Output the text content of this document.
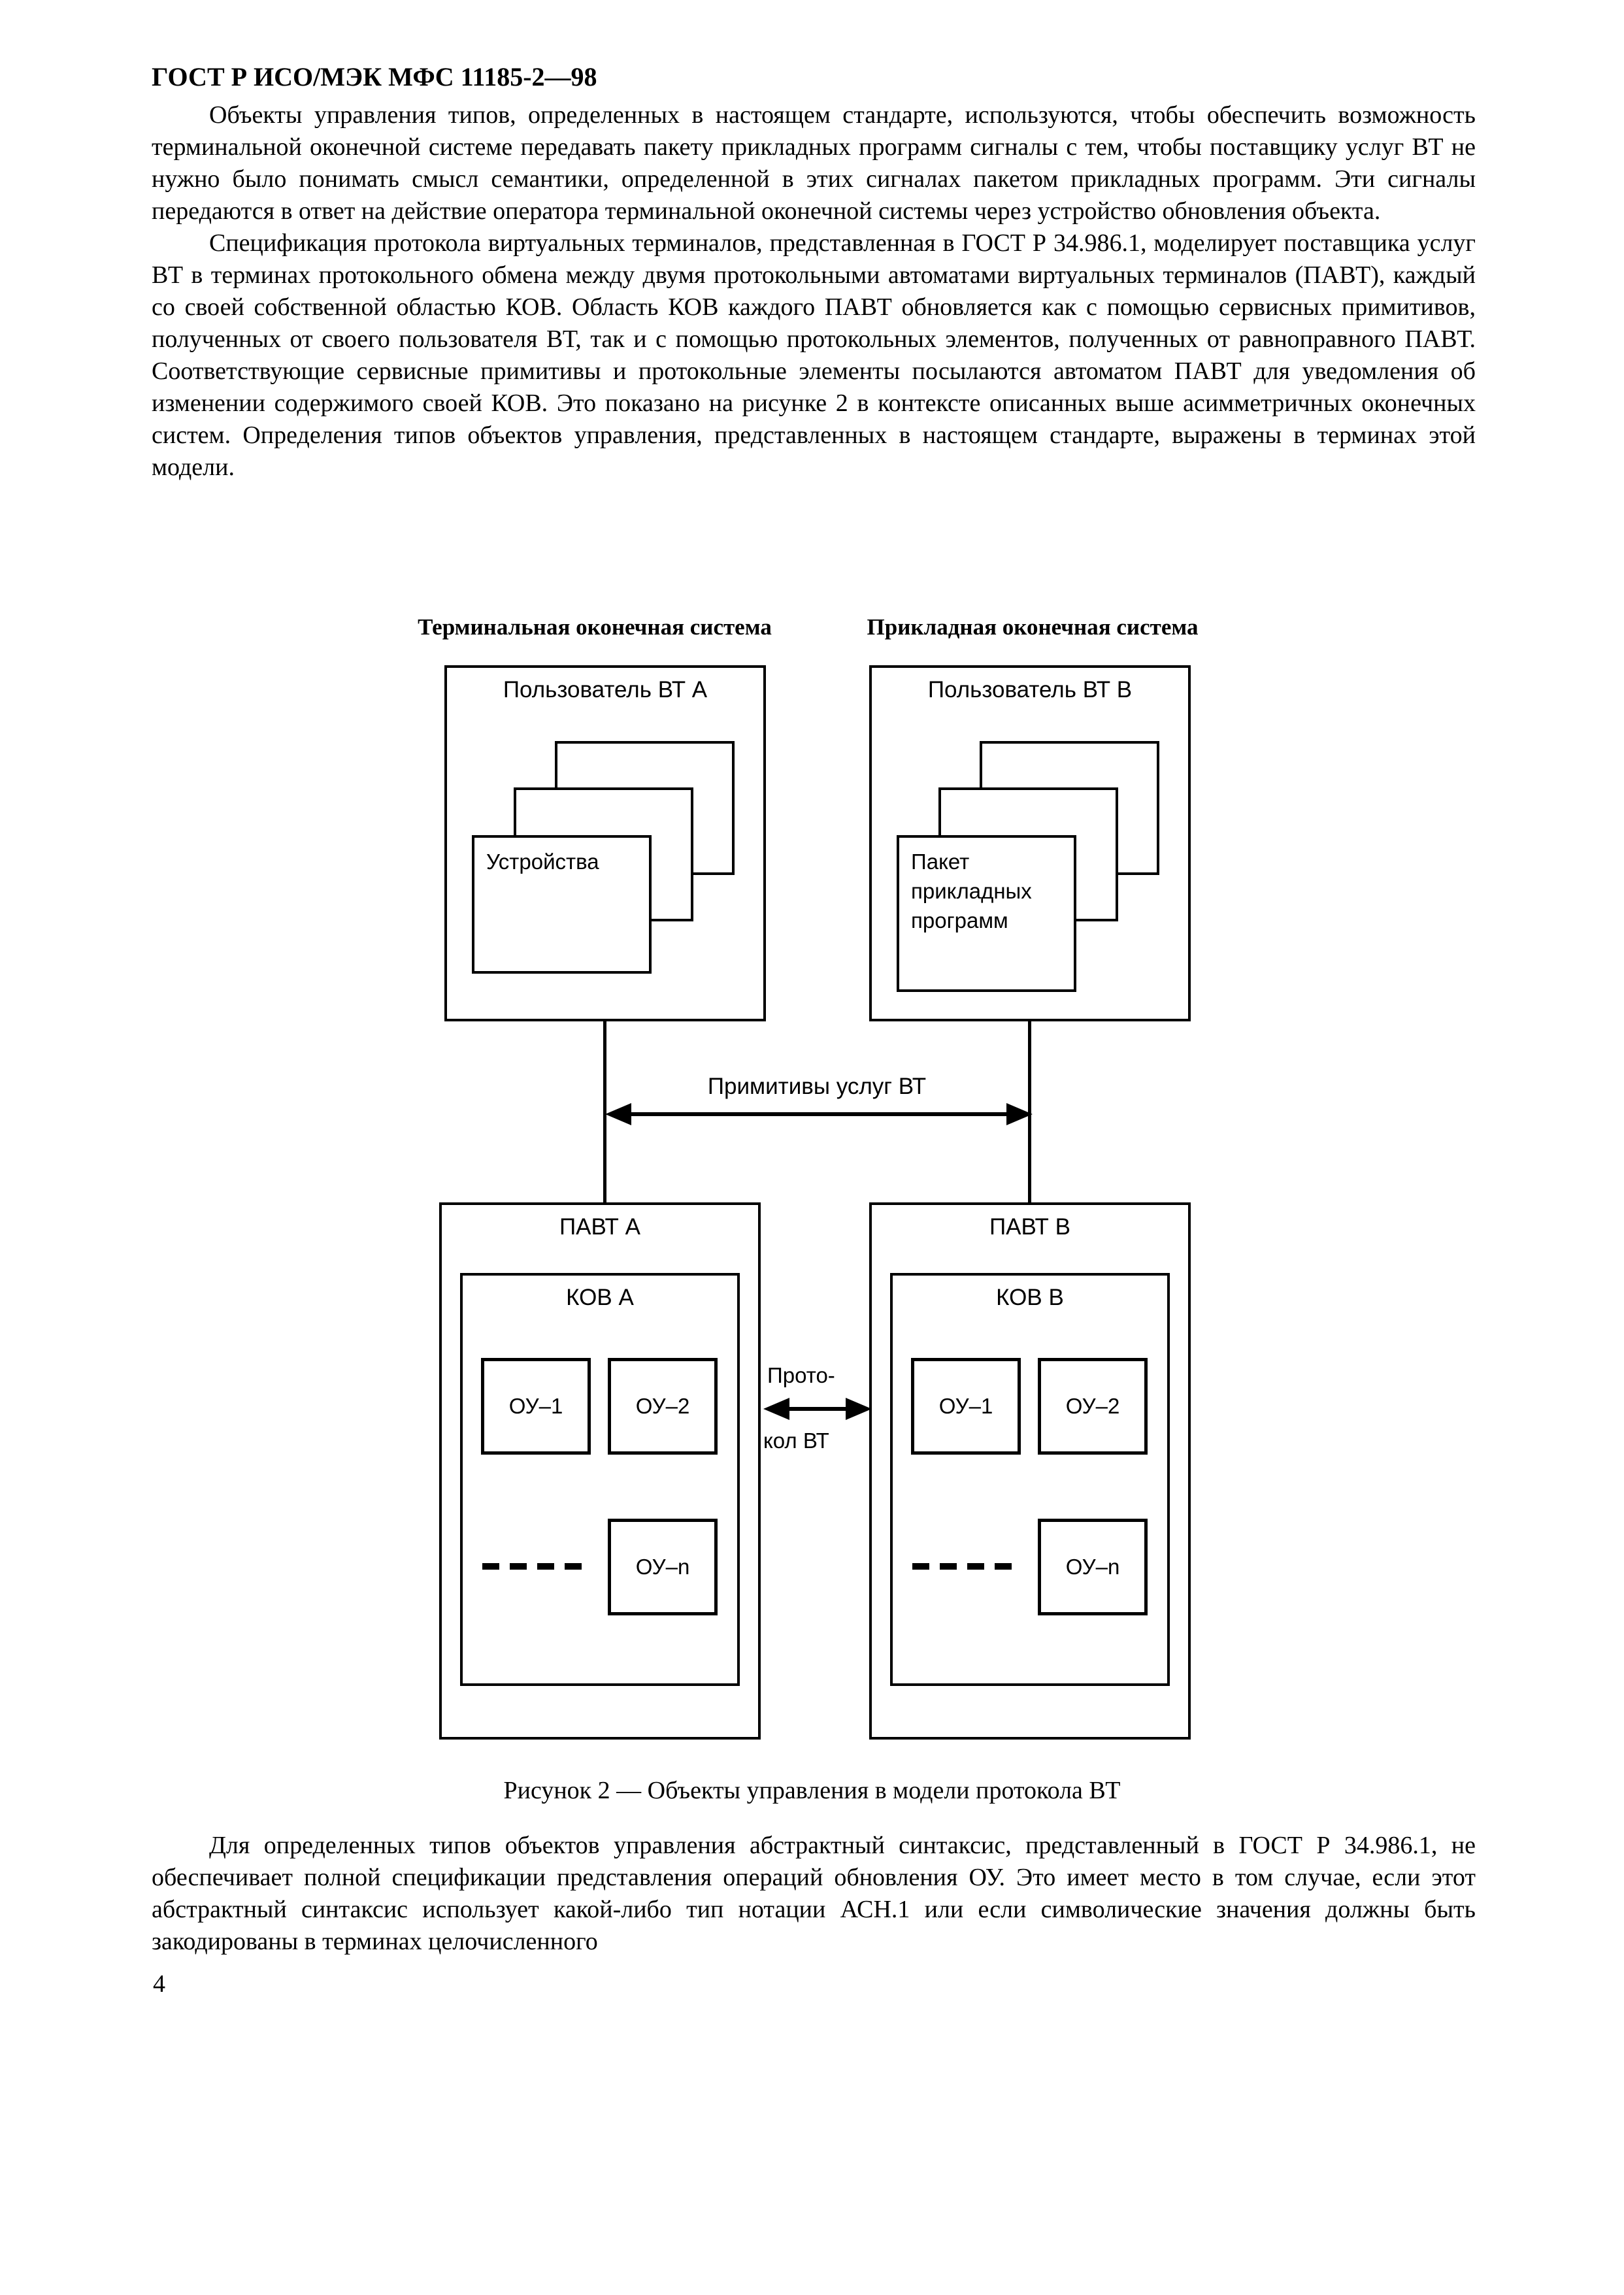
ГОСТ Р ИСО/МЭК МФС 11185-2—98

Объекты управления типов, определенных в настоящем стандарте, используются, чтобы обеспечить возможность терминальной оконечной системе передавать пакету прикладных программ сигналы с тем, чтобы поставщику услуг ВТ не нужно было понимать смысл семантики, определенной в этих сигналах пакетом прикладных программ. Эти сигналы передаются в ответ на действие оператора терминальной оконечной системы через устройство обновления объекта.

Спецификация протокола виртуальных терминалов, представленная в ГОСТ Р 34.986.1, моделирует поставщика услуг ВТ в терминах протокольного обмена между двумя протокольными автоматами виртуальных терминалов (ПАВТ), каждый со своей собственной областью КОВ. Область КОВ каждого ПАВТ обновляется как с помощью сервисных примитивов, полученных от своего пользователя ВТ, так и с помощью протокольных элементов, полученных от равноправного ПАВТ. Соответствующие сервисные примитивы и протокольные элементы посылаются автоматом ПАВТ для уведомления об изменении содержимого своей КОВ. Это показано на рисунке 2 в контексте описанных выше асимметричных оконечных систем. Определения типов объектов управления, представленных в настоящем стандарте, выражены в терминах этой модели.

Терминальная оконечная система	Прикладная оконечная система
Пользователь ВТ А
Устройства
Пользователь ВТ В
Пакет прикладных программ
Примитивы услуг ВТ
ПАВТ А
КОВ А
ОУ–1	ОУ–2
ОУ–n
ПАВТ В
КОВ В
ОУ–1	ОУ–2
ОУ–n
Прото-
кол ВТ
Рисунок 2 — Объекты управления в модели протокола ВТ

Для определенных типов объектов управления абстрактный синтаксис, представленный в ГОСТ Р 34.986.1, не обеспечивает полной спецификации представления операций обновления ОУ. Это имеет место в том случае, если этот абстрактный синтаксис использует какой-либо тип нотации АСН.1 или если символические значения должны быть закодированы в терминах целочисленного

4
